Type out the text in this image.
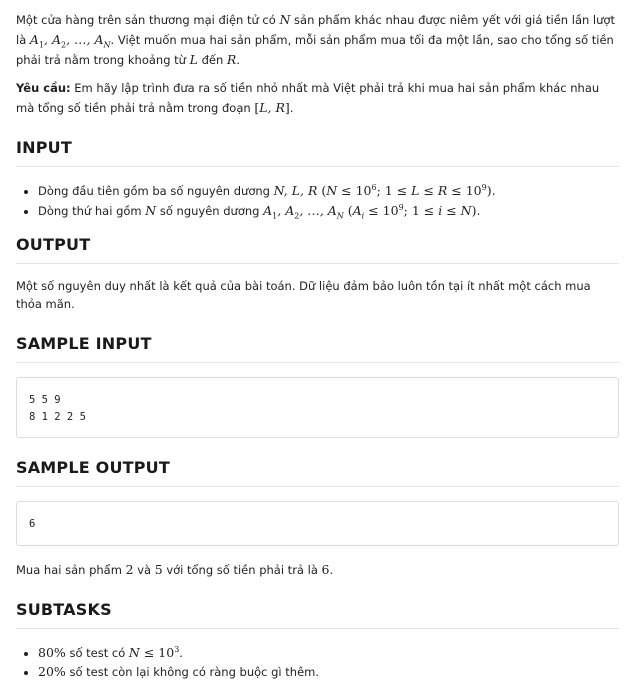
Một cửa hàng trên sản thương mại điện tử có N sản phẩm khác nhau được niêm yết với giá tiền lần lượt là $A_1$, $A_2$, …, $A_N$. Việt muốn mua hai sản phẩm, mỗi sản phẩm mua tối đa một lần, sao cho tổng số tiền phải trả nằm trong khoảng từ L đến R.

Yêu cầu: Em hãy lập trình đưa ra số tiền nhỏ nhất mà Việt phải trả khi mua hai sản phẩm khác nhau mà tổng số tiền phải trả nằm trong đoạn [L, R].

INPUT
• Dòng đầu tiên gồm ba số nguyên dương N, L, R ($N \le 10^6$; $1 \le L \le R \le 10^9$).
• Dòng thứ hai gồm N số nguyên dương $A_1$, $A_2$, …, $A_N$ ($A_i \le 10^9$; 1 ≤ i ≤ N).
OUTPUT

Một số nguyên duy nhất là kết quả của bài toán. Dữ liệu đảm bảo luôn tồn tại ít nhất một cách mua thỏa mãn.

SAMPLE INPUT
5 5 9
8 1 2 2 5
SAMPLE OUTPUT
6

Mua hai sản phẩm 2 và 5 với tổng số tiền phải trả là 6.

SUBTASKS
• 80% số test có $N \le 10^3$.
• 20% số test còn lại không có ràng buộc gì thêm.
